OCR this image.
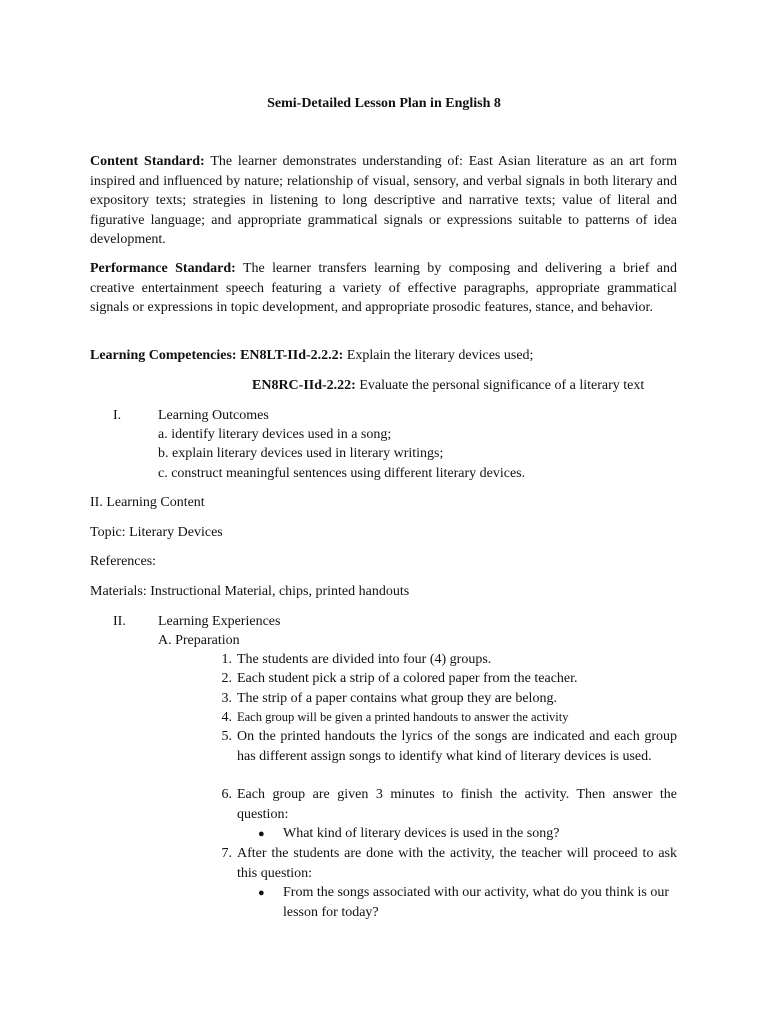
Semi-Detailed Lesson Plan in English 8
Content Standard: The learner demonstrates understanding of: East Asian literature as an art form inspired and influenced by nature; relationship of visual, sensory, and verbal signals in both literary and expository texts; strategies in listening to long descriptive and narrative texts; value of literal and figurative language; and appropriate grammatical signals or expressions suitable to patterns of idea development.
Performance Standard: The learner transfers learning by composing and delivering a brief and creative entertainment speech featuring a variety of effective paragraphs, appropriate grammatical signals or expressions in topic development, and appropriate prosodic features, stance, and behavior.
Learning Competencies: EN8LT-IId-2.2.2: Explain the literary devices used;
EN8RC-IId-2.22: Evaluate the personal significance of a literary text
I.	Learning Outcomes
a. identify literary devices used in a song;
b. explain literary devices used in literary writings;
c. construct meaningful sentences using different literary devices.
II. Learning Content
Topic: Literary Devices
References:
Materials: Instructional Material, chips, printed handouts
II. Learning Experiences
A. Preparation
1. The students are divided into four (4) groups.
2. Each student pick a strip of a colored paper from the teacher.
3. The strip of a paper contains what group they are belong.
4. Each group will be given a printed handouts to answer the activity
5. On the printed handouts the lyrics of the songs are indicated and each group has different assign songs to identify what kind of literary devices is used.
6. Each group are given 3 minutes to finish the activity. Then answer the question:
● What kind of literary devices is used in the song?
7. After the students are done with the activity, the teacher will proceed to ask this question:
● From the songs associated with our activity, what do you think is our lesson for today?
